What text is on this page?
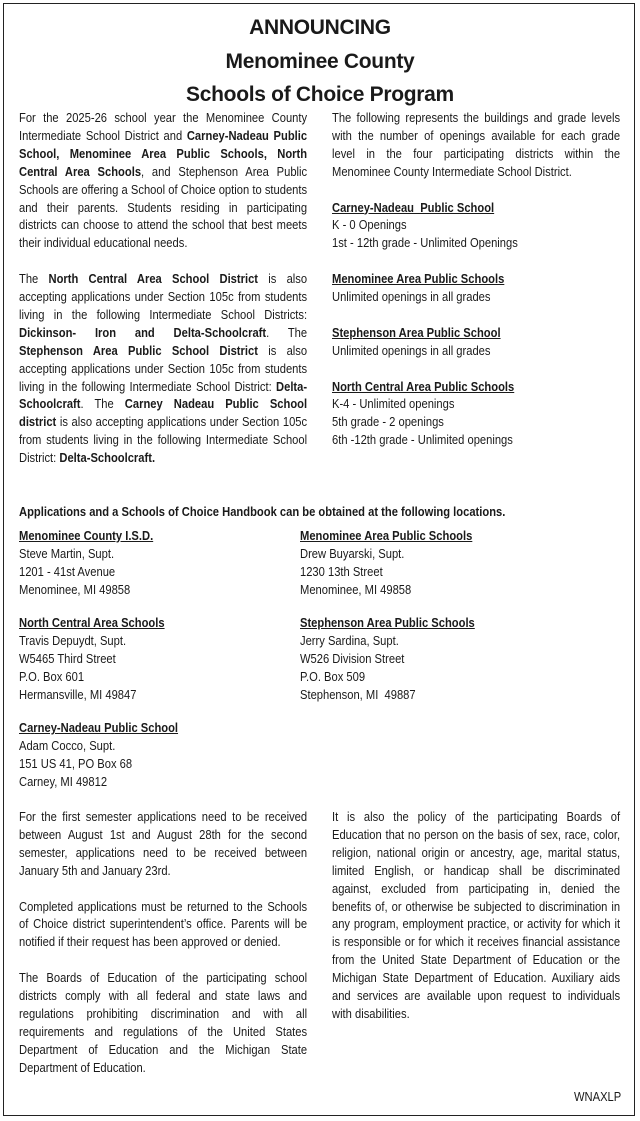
ANNOUNCING
Menominee County
Schools of Choice Program

For the 2025-26 school year the Menominee County Intermediate School District and Carney-Nadeau Public School, Menominee Area Public Schools, North Central Area Schools, and Stephenson Area Public Schools are offering a School of Choice option to students and their parents. Students residing in participating districts can choose to attend the school that best meets their individual educational needs.

The North Central Area School District is also accepting applications under Section 105c from students living in the following Intermediate School Districts: Dickinson- Iron and Delta-Schoolcraft. The Stephenson Area Public School District is also accepting applications under Section 105c from students living in the following Intermediate School District: Delta-Schoolcraft. The Carney Nadeau Public School district is also accepting applications under Section 105c from students living in the following Intermediate School District: Delta-Schoolcraft.

The following represents the buildings and grade levels with the number of openings available for each grade level in the four participating districts within the Menominee County Intermediate School District.

Carney-Nadeau  Public School

K - 0 Openings

1st - 12th grade - Unlimited Openings

Menominee Area Public Schools

Unlimited openings in all grades

Stephenson Area Public School

Unlimited openings in all grades

North Central Area Public Schools

K-4 - Unlimited openings

5th grade - 2 openings

6th -12th grade - Unlimited openings

Applications and a Schools of Choice Handbook can be obtained at the following locations.

Menominee County I.S.D.

Steve Martin, Supt.

1201 - 41st Avenue

Menominee, MI 49858

Menominee Area Public Schools

Drew Buyarski, Supt.

1230 13th Street

Menominee, MI 49858

North Central Area Schools

Travis Depuydt, Supt.

W5465 Third Street

P.O. Box 601

Hermansville, MI 49847

Stephenson Area Public Schools

Jerry Sardina, Supt.

W526 Division Street

P.O. Box 509

Stephenson, MI  49887

Carney-Nadeau Public School

Adam Cocco, Supt.

151 US 41, PO Box 68

Carney, MI 49812

For the first semester applications need to be received between August 1st and August 28th for the second semester, applications need to be received between January 5th and January 23rd.

Completed applications must be returned to the Schools of Choice district superintendent’s office. Parents will be notified if their request has been approved or denied.

The Boards of Education of the participating school districts comply with all federal and state laws and regulations prohibiting discrimination and with all requirements and regulations of the United States Department of Education and the Michigan State Department of Education.

It is also the policy of the participating Boards of Education that no person on the basis of sex, race, color, religion, national origin or ancestry, age, marital status, limited English, or handicap shall be discriminated against, excluded from participating in, denied the benefits of, or otherwise be subjected to discrimination in any program, employment practice, or activity for which it is responsible or for which it receives financial assistance from the United State Department of Education or the Michigan State Department of Education. Auxiliary aids and services are available upon request to individuals with disabilities.

WNAXLP
